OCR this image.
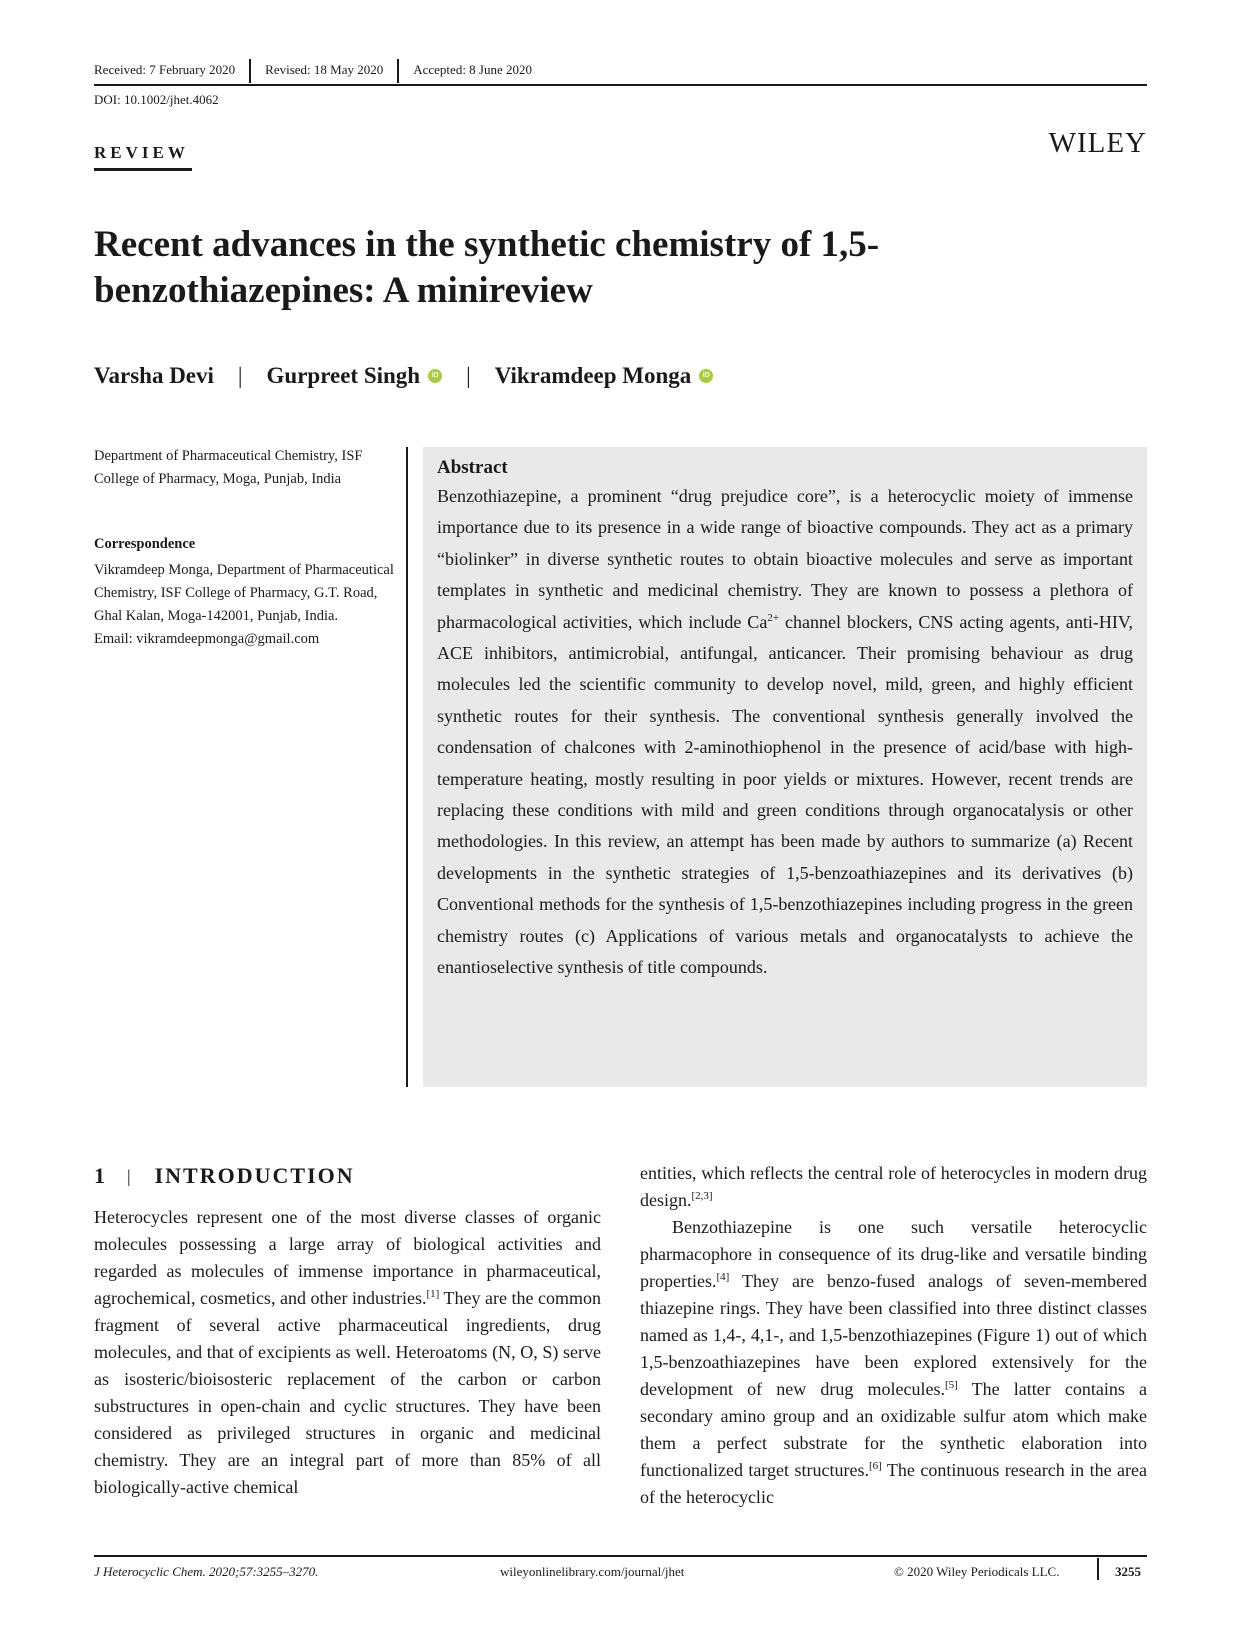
Received: 7 February 2020	Revised: 18 May 2020	Accepted: 8 June 2020
DOI: 10.1002/jhet.4062
REVIEW	WILEY
Recent advances in the synthetic chemistry of 1,5-benzothiazepines: A minireview
Varsha Devi	|	Gurpreet Singh	iD	|	Vikramdeep Monga	iD
Department of Pharmaceutical Chemistry, ISF College of Pharmacy, Moga, Punjab, India
Correspondence
Vikramdeep Monga, Department of Pharmaceutical Chemistry, ISF College of Pharmacy, G.T. Road, Ghal Kalan, Moga-142001, Punjab, India.
Email: vikramdeepmonga@gmail.com
Abstract

Benzothiazepine, a prominent “drug prejudice core”, is a heterocyclic moiety of immense importance due to its presence in a wide range of bioactive compounds. They act as a primary “biolinker” in diverse synthetic routes to obtain bioactive molecules and serve as important templates in synthetic and medicinal chemistry. They are known to possess a plethora of pharmacological activities, which include $Ca^{2+}$ channel blockers, CNS acting agents, anti-HIV, ACE inhibitors, antimicrobial, antifungal, anticancer. Their promising behaviour as drug molecules led the scientific community to develop novel, mild, green, and highly efficient synthetic routes for their synthesis. The conventional synthesis generally involved the condensation of chalcones with 2-aminothiophenol in the presence of acid/base with high-temperature heating, mostly resulting in poor yields or mixtures. However, recent trends are replacing these conditions with mild and green conditions through organocatalysis or other methodologies. In this review, an attempt has been made by authors to summarize (a) Recent developments in the synthetic strategies of 1,5-benzoathiazepines and its derivatives (b) Conventional methods for the synthesis of 1,5-benzothiazepines including progress in the green chemistry routes (c) Applications of various metals and organocatalysts to achieve the enantioselective synthesis of title compounds.

1	|	INTRODUCTION

Heterocycles represent one of the most diverse classes of organic molecules possessing a large array of biological activities and regarded as molecules of immense importance in pharmaceutical, agrochemical, cosmetics, and other industries.[1] They are the common fragment of several active pharmaceutical ingredients, drug molecules, and that of excipients as well. Heteroatoms (N, O, S) serve as isosteric/bioisosteric replacement of the carbon or carbon substructures in open-chain and cyclic structures. They have been considered as privileged structures in organic and medicinal chemistry. They are an integral part of more than 85% of all biologically-active chemical

entities, which reflects the central role of heterocycles in modern drug design.[2,3]

Benzothiazepine is one such versatile heterocyclic pharmacophore in consequence of its drug-like and versatile binding properties.[4] They are benzo-fused analogs of seven-membered thiazepine rings. They have been classified into three distinct classes named as 1,4-, 4,1-, and 1,5-benzothiazepines (Figure 1) out of which 1,5-benzoathiazepines have been explored extensively for the development of new drug molecules.[5] The latter contains a secondary amino group and an oxidizable sulfur atom which make them a perfect substrate for the synthetic elaboration into functionalized target structures.[6] The continuous research in the area of the heterocyclic

J Heterocyclic Chem. 2020;57:3255–3270.	wileyonlinelibrary.com/journal/jhet	© 2020 Wiley Periodicals LLC.	3255
